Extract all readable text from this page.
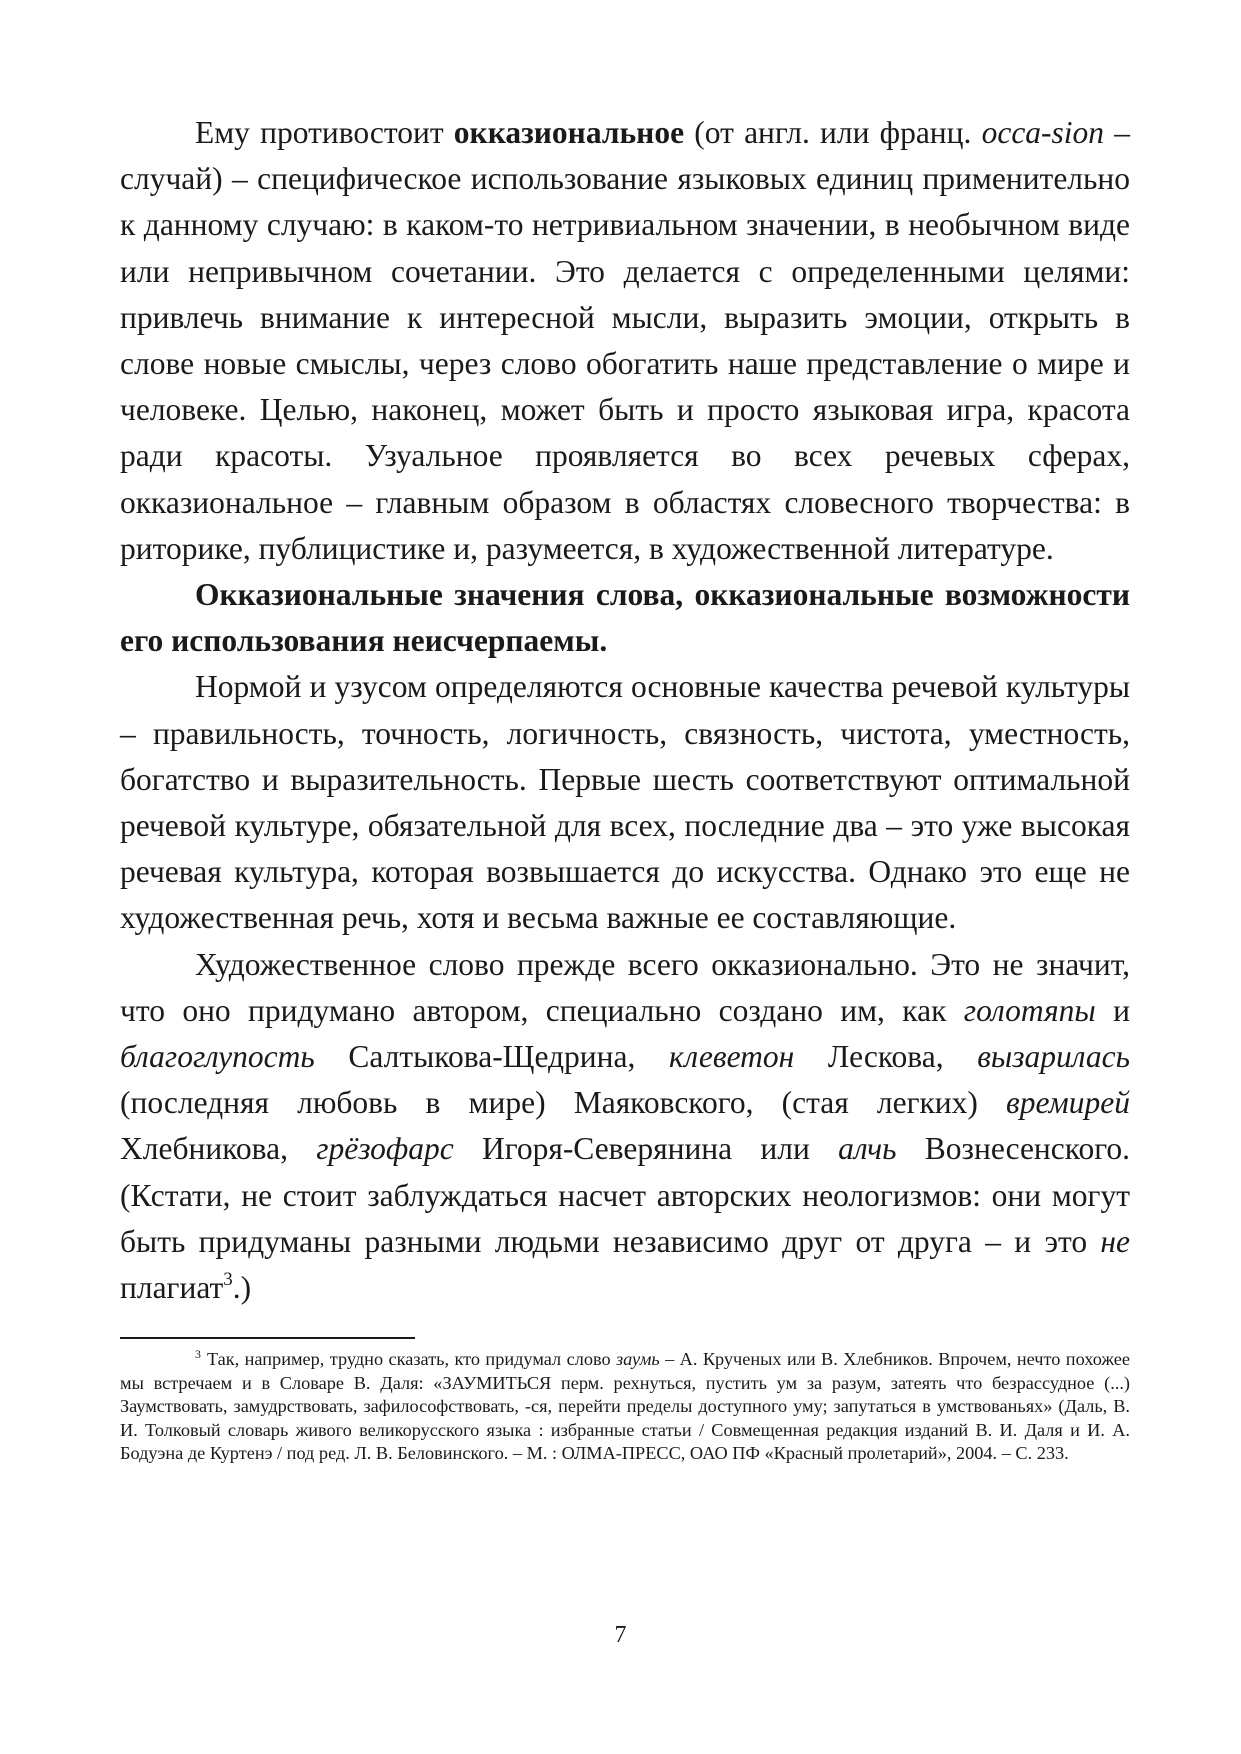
Ему противостоит окказиональное (от англ. или франц. occa-sion – случай) – специфическое использование языковых единиц применительно к данному случаю: в каком-то нетривиальном значении, в необычном виде или непривычном сочетании. Это делается с определенными целями: привлечь внимание к интересной мысли, выразить эмоции, открыть в слове новые смыслы, через слово обогатить наше представление о мире и человеке. Целью, наконец, может быть и просто языковая игра, красота ради красоты. Узуальное проявляется во всех речевых сферах, окказиональное – главным образом в областях словесного творчества: в риторике, публицистике и, разумеется, в художественной литературе.

Окказиональные значения слова, окказиональные возможности его использования неисчерпаемы.

Нормой и узусом определяются основные качества речевой культуры – правильность, точность, логичность, связность, чистота, уместность, богатство и выразительность. Первые шесть соответствуют оптимальной речевой культуре, обязательной для всех, последние два – это уже высокая речевая культура, которая возвышается до искусства. Однако это еще не художественная речь, хотя и весьма важные ее составляющие.

Художественное слово прежде всего окказионально. Это не значит, что оно придумано автором, специально создано им, как голотяпы и благоглупость Салтыкова-Щедрина, клеветон Лескова, вызарилась (последняя любовь в мире) Маяковского, (стая легких) времирей Хлебникова, грёзофарс Игоря-Северянина или алчь Вознесенского. (Кстати, не стоит заблуждаться насчет авторских неологизмов: они могут быть придуманы разными людьми независимо друг от друга – и это не плагиат$^3$.)

$^3$ Так, например, трудно сказать, кто придумал слово заумь – А. Крученых или В. Хлебников. Впрочем, нечто похожее мы встречаем и в Словаре В. Даля: «ЗАУМИТЬСЯ перм. рехнуться, пустить ум за разум, затеять что безрассудное (...) Заумствовать, замудрствовать, зафилософствовать, -ся, перейти пределы доступного уму; запутаться в умствованьях» (Даль, В. И. Толковый словарь живого великорусского языка : избранные статьи / Совмещенная редакция изданий В. И. Даля и И. А. Бодуэна де Куртенэ / под ред. Л. В. Беловинского. – М. : ОЛМА-ПРЕСС, ОАО ПФ «Красный пролетарий», 2004. – С. 233.

7
